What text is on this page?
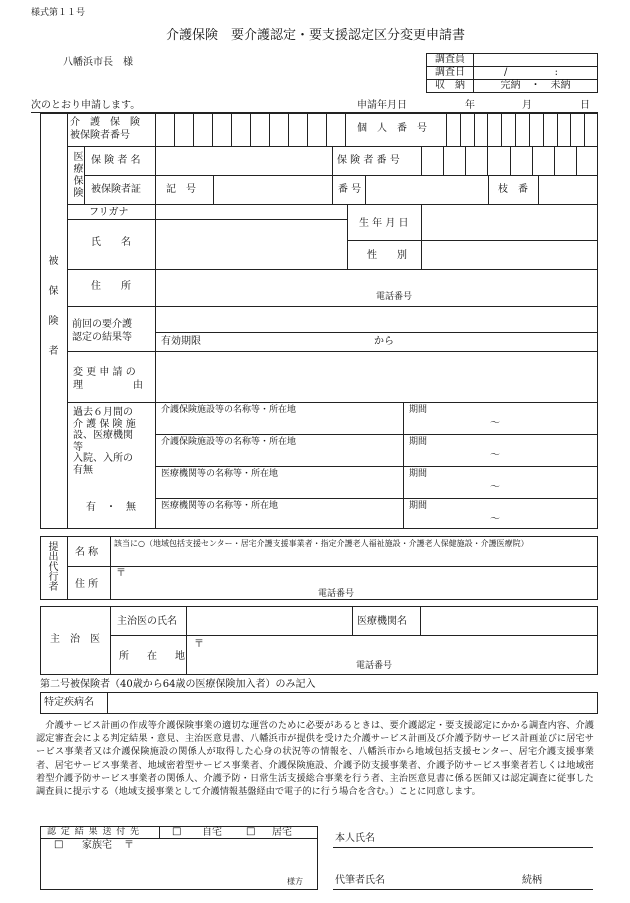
様式第１１号
介護保険　要介護認定・要支援認定区分変更申請書
八幡浜市長　様	調査員	
調査日	/ :
収　納	完納　・　未納
次のとおり申請します。	申請年月日	年	月	日
被保険者
介　護　保　険
被保険者番号
個　人　番　号
医療保険 保 険 者 名	保 険 者 番 号
被保険者証	記　号	番 号	枝　番
フリガナ
氏　　名
生 年 月 日
性　　別
住　　所
電話番号
前回の要介護
認定の結果等	有効期限	から
変 更 申 請 の
理　　　　　由
過去６月間の
介 護 保 険 施
設、医療機関
等
入院、入所の
有無
有　・　無
介護保険施設等の名称等・所在地	期間
～
介護保険施設等の名称等・所在地	期間
～
医療機関等の名称等・所在地	期間
～
医療機関等の名称等・所在地	期間
～
提出代行者 名 称
該当に○（地域包括支援センター・居宅介護支援事業者・指定介護老人福祉施設・介護老人保健施設・介護医療院）
住 所
〒
電話番号
主　治　医
主治医の氏名	医療機関名
所　在　地
〒
電話番号
第二号被保険者（40歳から64歳の医療保険加入者）のみ記入
特定疾病名
　介護サービス計画の作成等介護保険事業の適切な運営のために必要があるときは、要介護認定・要支援認定にかかる調査内容、介護認定審査会による判定結果・意見、主治医意見書、八幡浜市が提供を受けた介護サービス計画及び介護予防サービス計画並びに居宅サービス事業者又は介護保険施設の関係人が取得した心身の状況等の情報を、八幡浜市から地域包括支援センター、居宅介護支援事業者、居宅サービス事業者、地域密着型サービス事業者、介護保険施設、介護予防支援事業者、介護予防サービス事業者若しくは地域密着型介護予防サービス事業者の関係人、介護予防・日常生活支援総合事業を行う者、主治医意見書に係る医師又は認定調査に従事した調査員に提示する（地域支援事業として介護情報基盤経由で電子的に行う場合を含む。）ことに同意します。
認 定 結 果 送 付 先	□ 自宅 □ 居宅
□ 家族宅 〒
様方
本人氏名
代筆者氏名	続柄
